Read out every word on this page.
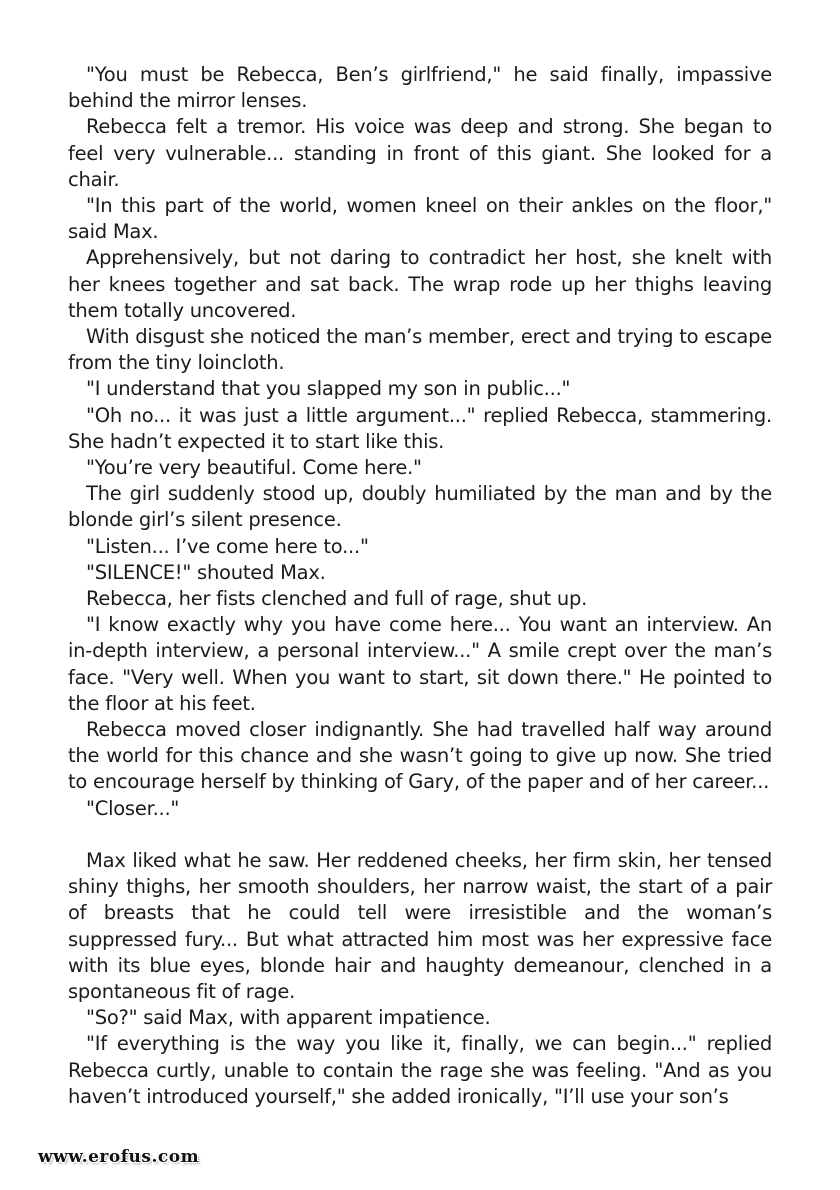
"You must be Rebecca, Ben’s girlfriend," he said finally, impassive behind the mirror lenses.

Rebecca felt a tremor. His voice was deep and strong. She began to feel very vulnerable... standing in front of this giant. She looked for a chair.

"In this part of the world, women kneel on their ankles on the floor," said Max.

Apprehensively, but not daring to contradict her host, she knelt with her knees together and sat back. The wrap rode up her thighs leaving them totally uncovered.

With disgust she noticed the man’s member, erect and trying to escape from the tiny loincloth.

"I understand that you slapped my son in public..."

"Oh no... it was just a little argument..." replied Rebecca, stammering. She hadn’t expected it to start like this.

"You’re very beautiful. Come here."

The girl suddenly stood up, doubly humiliated by the man and by the blonde girl’s silent presence.

"Listen... I’ve come here to..."

"SILENCE!" shouted Max.

Rebecca, her fists clenched and full of rage, shut up.

"I know exactly why you have come here... You want an interview. An in-depth interview, a personal interview..." A smile crept over the man’s face. "Very well. When you want to start, sit down there." He pointed to the floor at his feet.

Rebecca moved closer indignantly. She had travelled half way around the world for this chance and she wasn’t going to give up now. She tried to encourage herself by thinking of Gary, of the paper and of her career...

"Closer..."

Max liked what he saw. Her reddened cheeks, her firm skin, her tensed shiny thighs, her smooth shoulders, her narrow waist, the start of a pair of breasts that he could tell were irresistible and the woman’s suppressed fury... But what attracted him most was her expressive face with its blue eyes, blonde hair and haughty demeanour, clenched in a spontaneous fit of rage.

"So?" said Max, with apparent impatience.

"If everything is the way you like it, finally, we can begin..." replied Rebecca curtly, unable to contain the rage she was feeling. "And as you haven’t introduced yourself," she added ironically, "I’ll use your son’s

www.erofus.com
